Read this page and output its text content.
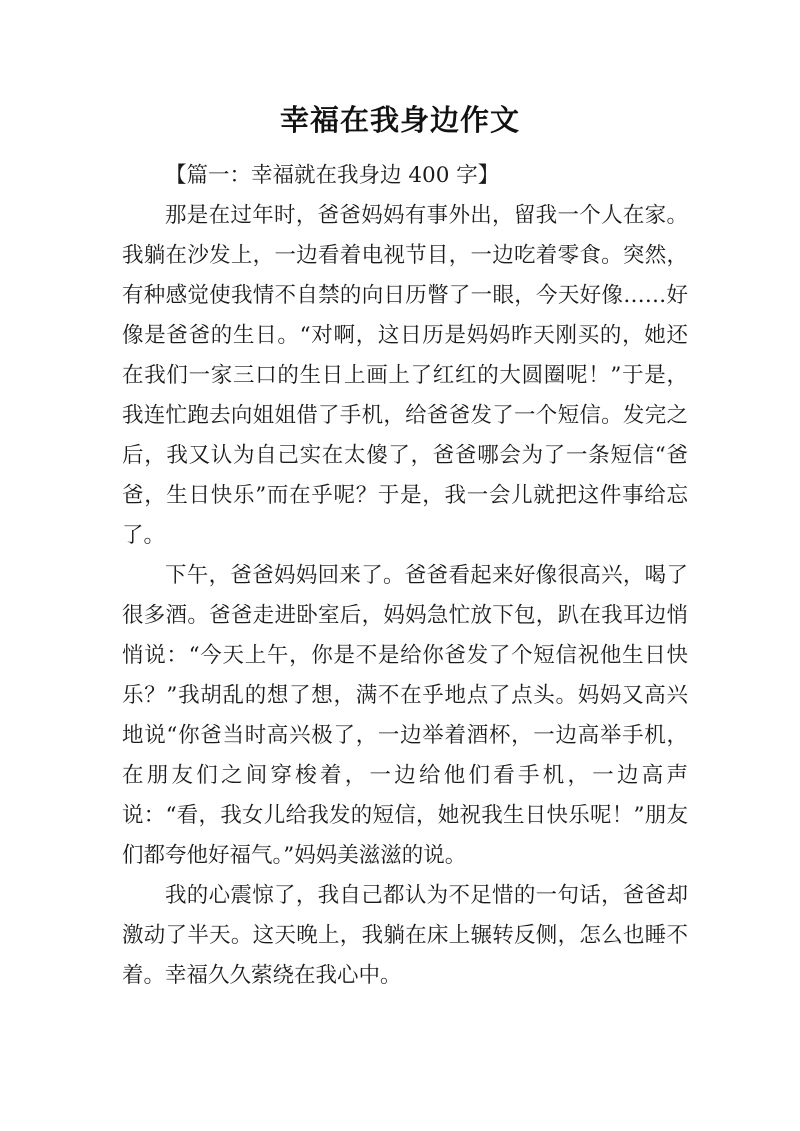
幸福在我身边作文

【篇一：幸福就在我身边 400 字】

那是在过年时，爸爸妈妈有事外出，留我一个人在家。我躺在沙发上，一边看着电视节目，一边吃着零食。突然，有种感觉使我情不自禁的向日历瞥了一眼，今天好像……好像是爸爸的生日。“对啊，这日历是妈妈昨天刚买的，她还在我们一家三口的生日上画上了红红的大圆圈呢！”于是，我连忙跑去向姐姐借了手机，给爸爸发了一个短信。发完之后，我又认为自己实在太傻了，爸爸哪会为了一条短信“爸爸，生日快乐”而在乎呢？于是，我一会儿就把这件事给忘了。

下午，爸爸妈妈回来了。爸爸看起来好像很高兴，喝了很多酒。爸爸走进卧室后，妈妈急忙放下包，趴在我耳边悄悄说：“今天上午，你是不是给你爸发了个短信祝他生日快乐？”我胡乱的想了想，满不在乎地点了点头。妈妈又高兴地说“你爸当时高兴极了，一边举着酒杯，一边高举手机，在朋友们之间穿梭着，一边给他们看手机，一边高声说：“看，我女儿给我发的短信，她祝我生日快乐呢！”朋友们都夸他好福气。”妈妈美滋滋的说。

我的心震惊了，我自己都认为不足惜的一句话，爸爸却激动了半天。这天晚上，我躺在床上辗转反侧，怎么也睡不着。幸福久久萦绕在我心中。
